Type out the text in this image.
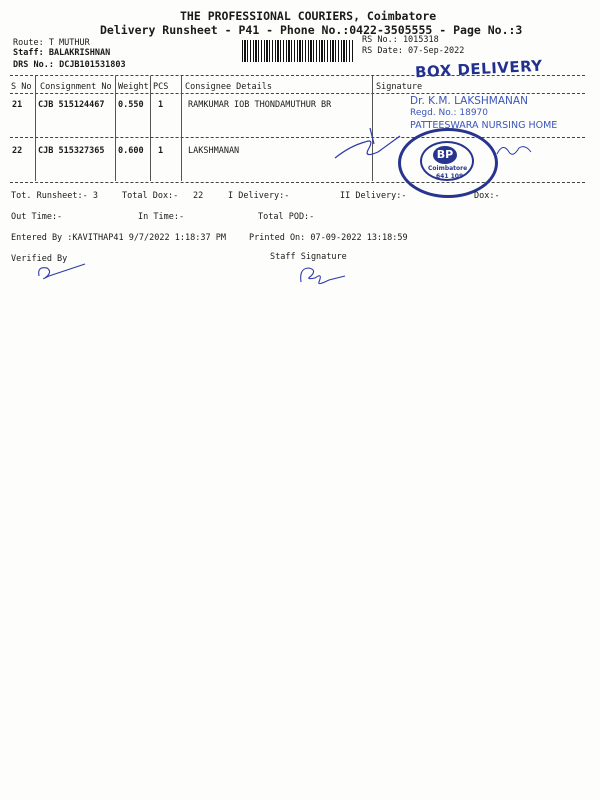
THE PROFESSIONAL COURIERS, Coimbatore
Delivery Runsheet - P41 - Phone No.:0422-3505555 - Page No.:3
Route: T MUTHUR
Staff: BALAKRISHNAN
DRS No.: DCJB101531803
RS No.: 1015318
RS Date: 07-Sep-2022
S No Consignment No Weight PCS Consignee Details	Signature
21 CJB 515124467 0.550 1	RAMKUMAR IOB THONDAMUTHUR BR
22 CJB 515327365 0.600 1	LAKSHMANAN
BOX DELIVERY
Dr. K.M. LAKSHMANAN
Regd. No.: 18970
PATTEESWARA NURSING HOME
BP
Coimbatore
641 109
Tot. Runsheet:- 3	Total Dox:- 22	I Delivery:-	II Delivery:-	Dox:-
Out Time:-	In Time:-	Total POD:-
Entered By :KAVITHAP41 9/7/2022 1:18:37 PM	Printed On: 07-09-2022 13:18:59
Verified By	Staff Signature
